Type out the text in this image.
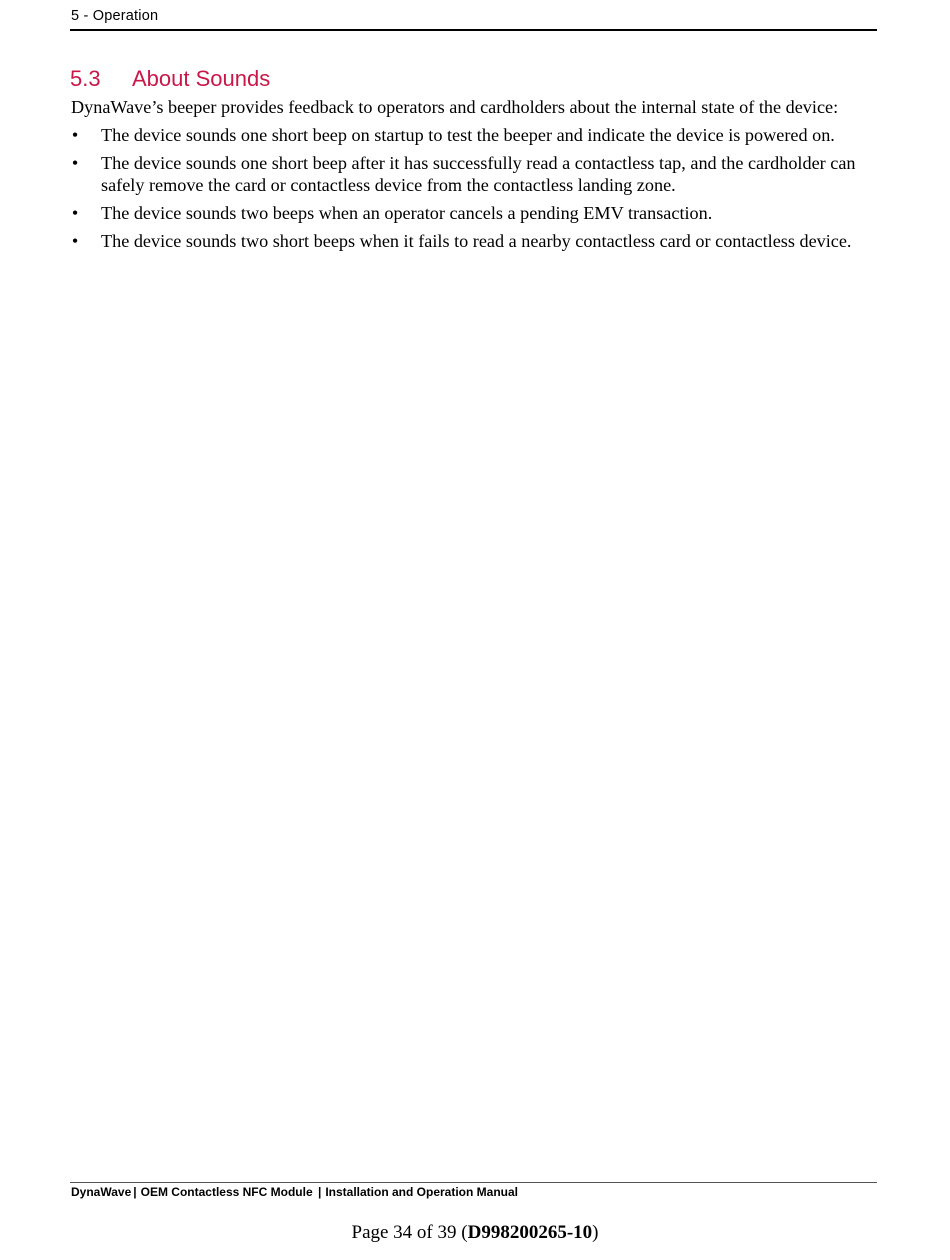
5 - Operation
5.3 About Sounds

DynaWave’s beeper provides feedback to operators and cardholders about the internal state of the device:

• The device sounds one short beep on startup to test the beeper and indicate the device is powered on.
• The device sounds one short beep after it has successfully read a contactless tap, and the cardholder can safely remove the card or contactless device from the contactless landing zone.
• The device sounds two beeps when an operator cancels a pending EMV transaction.
• The device sounds two short beeps when it fails to read a nearby contactless card or contactless device.
DynaWave | OEM Contactless NFC Module | Installation and Operation Manual
Page 34 of 39 (D998200265-10)
